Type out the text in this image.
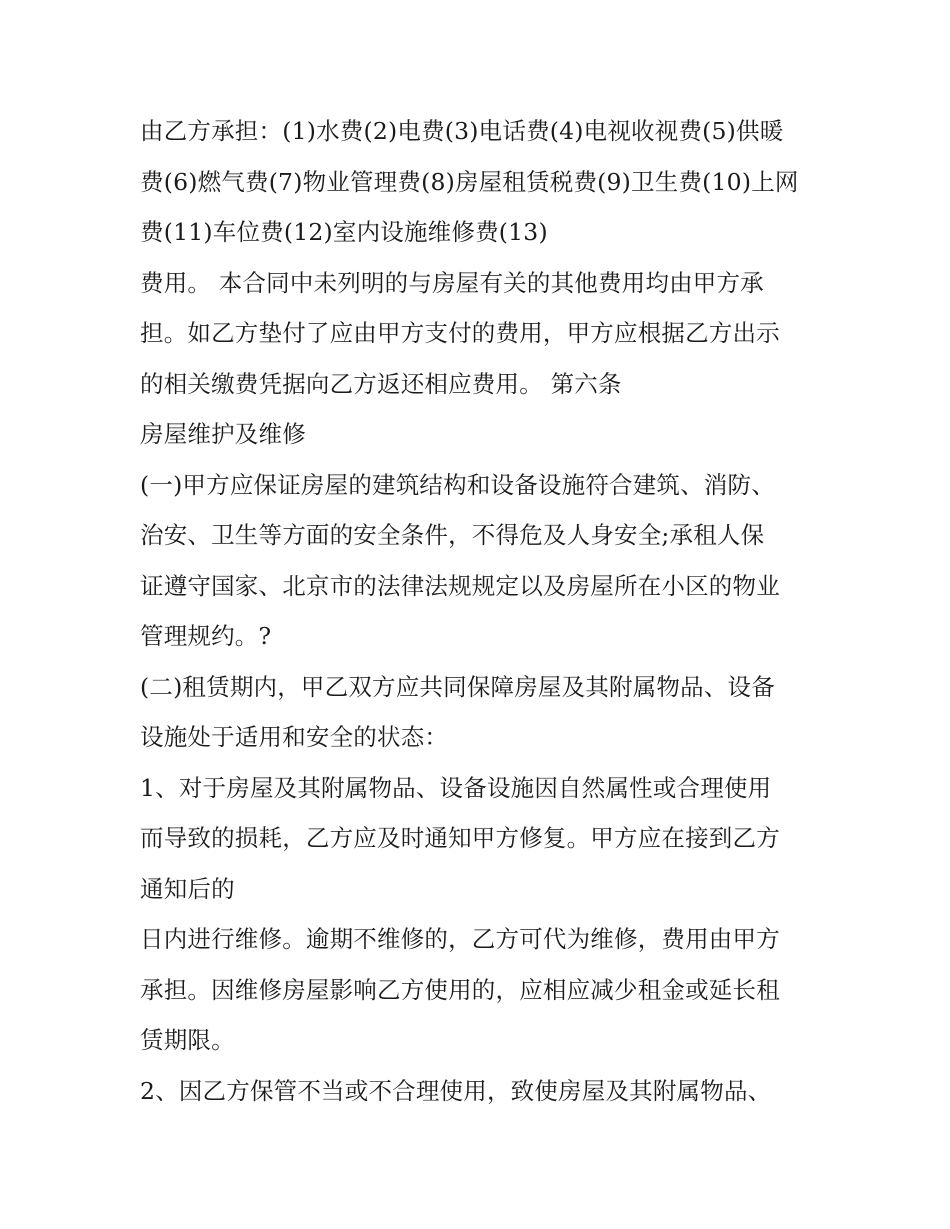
由乙方承担：(1)水费(2)电费(3)电话费(4)电视收视费(5)供暖
费(6)燃气费(7)物业管理费(8)房屋租赁税费(9)卫生费(10)上网
费(11)车位费(12)室内设施维修费(13)
费用。 本合同中未列明的与房屋有关的其他费用均由甲方承
担。如乙方垫付了应由甲方支付的费用，甲方应根据乙方出示
的相关缴费凭据向乙方返还相应费用。 第六条
房屋维护及维修
(一)甲方应保证房屋的建筑结构和设备设施符合建筑、消防、
治安、卫生等方面的安全条件，不得危及人身安全;承租人保
证遵守国家、北京市的法律法规规定以及房屋所在小区的物业
管理规约。?
(二)租赁期内，甲乙双方应共同保障房屋及其附属物品、设备
设施处于适用和安全的状态：
1、对于房屋及其附属物品、设备设施因自然属性或合理使用
而导致的损耗，乙方应及时通知甲方修复。甲方应在接到乙方
通知后的
日内进行维修。逾期不维修的，乙方可代为维修，费用由甲方
承担。因维修房屋影响乙方使用的，应相应减少租金或延长租
赁期限。
2、因乙方保管不当或不合理使用，致使房屋及其附属物品、
